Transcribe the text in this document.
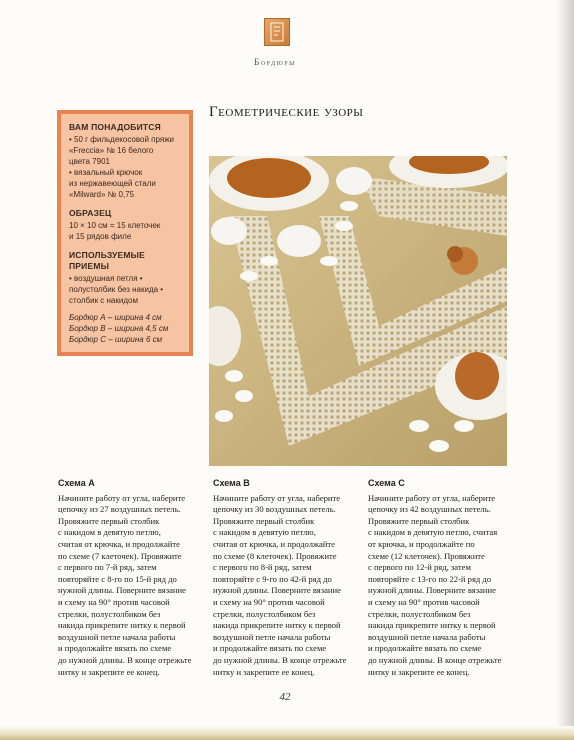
Бордюры
ВАМ ПОНАДОБИТСЯ
• 50 г фильдекосовой пряжи
«Freccia» № 16 белого
цвета 7901
• вязальный крючок
из нержавеющей стали
«Milward» № 0,75
ОБРАЗЕЦ
10 × 10 см = 15 клеточек
и 15 рядов филе
ИСПОЛЬЗУЕМЫЕ ПРИЕМЫ
• воздушная петля •
полустолбик без накида •
столбик с накидом
Бордюр А – ширина 4 см
Бордюр В – ширина 4,5 см
Бордюр С – ширина 6 см
Геометрические узоры
Схема А
Начините работу от угла, наберите
цепочку из 27 воздушных петель.
Провяжите первый столбик
с накидом в девятую петлю,
считая от крючка, и продолжайте
по схеме (7 клеточек). Провяжите
с первого по 7-й ряд, затем
повторяйте с 8-го по 15-й ряд до
нужной длины. Поверните вязание
и схему на 90° против часовой
стрелки, полустолбиком без
накида прикрепите нитку к первой
воздушной петле начала работы
и продолжайте вязать по схеме
до нужной длины. В конце отрежьте
нитку и закрепите ее конец.
Схема В
Начините работу от угла, наберите
цепочку из 30 воздушных петель.
Провяжите первый столбик
с накидом в девятую петлю,
считая от крючка, и продолжайте
по схеме (8 клеточек). Провяжите
с первого по 8-й ряд, затем
повторяйте с 9-го по 42-й ряд до
нужной длины. Поверните вязание
и схему на 90° против часовой
стрелки, полустолбиком без
накида прикрепите нитку к первой
воздушной петле начала работы
и продолжайте вязать по схеме
до нужной длины. В конце отрежьте
нитку и закрепите ее конец.
Схема С
Начините работу от угла, наберите
цепочку из 42 воздушных петель.
Провяжите первый столбик
с накидом в девятую петлю, считая
от крючка, и продолжайте по
схеме (12 клеточек). Провяжите
с первого по 12-й ряд, затем
повторяйте с 13-го по 22-й ряд до
нужной длины. Поверните вязание
и схему на 90° против часовой
стрелки, полустолбиком без
накида прикрепите нитку к первой
воздушной петле начала работы
и продолжайте вязать по схеме
до нужной длины. В конце отрежьте
нитку и закрепите ее конец.
42
